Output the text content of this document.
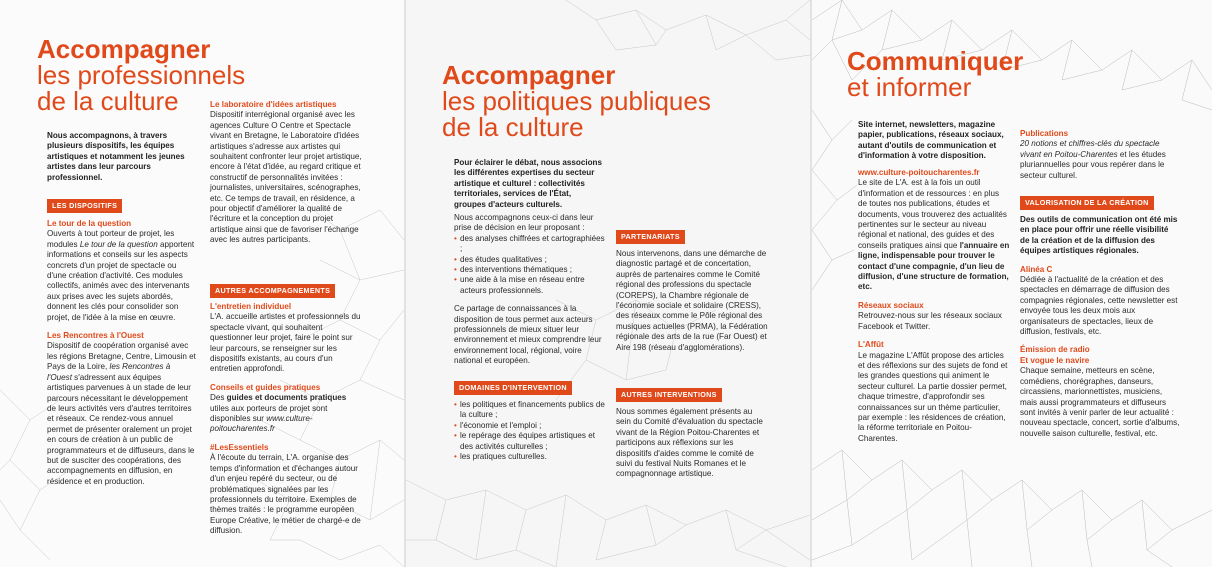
Accompagner
les professionnels
de la culture
Nous accompagnons, à travers plusieurs dispositifs, les équipes artistiques et notamment les jeunes artistes dans leur parcours professionnel.
LES DISPOSITIFS
Le tour de la question

Ouverts à tout porteur de projet, les modules Le tour de la question apportent informations et conseils sur les aspects concrets d'un projet de spectacle ou d'une création d'activité. Ces modules collectifs, animés avec des intervenants aux prises avec les sujets abordés, donnent les clés pour consolider son projet, de l'idée à la mise en œuvre.

Les Rencontres à l'Ouest

Dispositif de coopération organisé avec les régions Bretagne, Centre, Limousin et Pays de la Loire, les Rencontres à l'Ouest s'adressent aux équipes artistiques parvenues à un stade de leur parcours nécessitant le développement de leurs activités vers d'autres territoires et réseaux. Ce rendez-vous annuel permet de présenter oralement un projet en cours de création à un public de programmateurs et de diffuseurs, dans le but de susciter des coopérations, des accompagnements en diffusion, en résidence et en production.

Le laboratoire d'idées artistiques

Dispositif interrégional organisé avec les agences Culture O Centre et Spectacle vivant en Bretagne, le Laboratoire d'idées artistiques s'adresse aux artistes qui souhaitent confronter leur projet artistique, encore à l'état d'idée, au regard critique et constructif de personnalités invitées : journalistes, universitaires, scénographes, etc. Ce temps de travail, en résidence, a pour objectif d'améliorer la qualité de l'écriture et la conception du projet artistique ainsi que de favoriser l'échange avec les autres participants.

AUTRES ACCOMPAGNEMENTS
L'entretien individuel

L'A. accueille artistes et professionnels du spectacle vivant, qui souhaitent questionner leur projet, faire le point sur leur parcours, se renseigner sur les dispositifs existants, au cours d'un entretien approfondi.

Conseils et guides pratiques

Des guides et documents pratiques utiles aux porteurs de projet sont disponibles sur www.culture-poitoucharentes.fr

#LesEssentiels

À l'écoute du terrain, L'A. organise des temps d'information et d'échanges autour d'un enjeu repéré du secteur, ou de problématiques signalées par les professionnels du territoire. Exemples de thèmes traités : le programme européen Europe Créative, le métier de chargé-e de diffusion.

Accompagner
les politiques publiques
de la culture
Pour éclairer le débat, nous associons les différentes expertises du secteur artistique et culturel : collectivités territoriales, services de l'État, groupes d'acteurs culturels.

Nous accompagnons ceux-ci dans leur prise de décision en leur proposant :

• des analyses chiffrées et cartographiées ;
• des études qualitatives ;
• des interventions thématiques ;
• une aide à la mise en réseau entre acteurs professionnels.

Ce partage de connaissances à la disposition de tous permet aux acteurs professionnels de mieux situer leur environnement et mieux comprendre leur environnement local, régional, voire national et européen.

DOMAINES D'INTERVENTION
• les politiques et financements publics de la culture ;
• l'économie et l'emploi ;
• le repérage des équipes artistiques et des activités culturelles ;
• les pratiques culturelles.
PARTENARIATS
Nous intervenons, dans une démarche de diagnostic partagé et de concertation, auprès de partenaires comme le Comité régional des professions du spectacle (COREPS), la Chambre régionale de l'économie sociale et solidaire (CRESS), des réseaux comme le Pôle régional des musiques actuelles (PRMA), la Fédération régionale des arts de la rue (Far Ouest) et Aire 198 (réseau d'agglomérations).
AUTRES INTERVENTIONS
Nous sommes également présents au sein du Comité d'évaluation du spectacle vivant de la Région Poitou-Charentes et participons aux réflexions sur les dispositifs d'aides comme le comité de suivi du festival Nuits Romanes et le compagnonnage artistique.
Communiquer
et informer
Site internet, newsletters, magazine papier, publications, réseaux sociaux, autant d'outils de communication et d'information à votre disposition.
www.culture-poitoucharentes.fr

Le site de L'A. est à la fois un outil d'information et de ressources : en plus de toutes nos publications, études et documents, vous trouverez des actualités pertinentes sur le secteur au niveau régional et national, des guides et des conseils pratiques ainsi que l'annuaire en ligne, indispensable pour trouver le contact d'une compagnie, d'un lieu de diffusion, d'une structure de formation, etc.

Réseaux sociaux

Retrouvez-nous sur les réseaux sociaux Facebook et Twitter.

L'Affût

Le magazine L'Affût propose des articles et des réflexions sur des sujets de fond et les grandes questions qui animent le secteur culturel. La partie dossier permet, chaque trimestre, d'approfondir ses connaissances sur un thème particulier, par exemple : les résidences de création, la réforme territoriale en Poitou-Charentes.

Publications

20 notions et chiffres-clés du spectacle vivant en Poitou-Charentes et les études pluriannuelles pour vous repérer dans le secteur culturel.

VALORISATION DE LA CRÉATION

Des outils de communication ont été mis en place pour offrir une réelle visibilité de la création et de la diffusion des équipes artistiques régionales.

Alinéa C

Dédiée à l'actualité de la création et des spectacles en démarrage de diffusion des compagnies régionales, cette newsletter est envoyée tous les deux mois aux organisateurs de spectacles, lieux de diffusion, festivals, etc.

Émission de radio
Et vogue le navire

Chaque semaine, metteurs en scène, comédiens, chorégraphes, danseurs, circassiens, marionnettistes, musiciens, mais aussi programmateurs et diffuseurs sont invités à venir parler de leur actualité : nouveau spectacle, concert, sortie d'albums, nouvelle saison culturelle, festival, etc.
